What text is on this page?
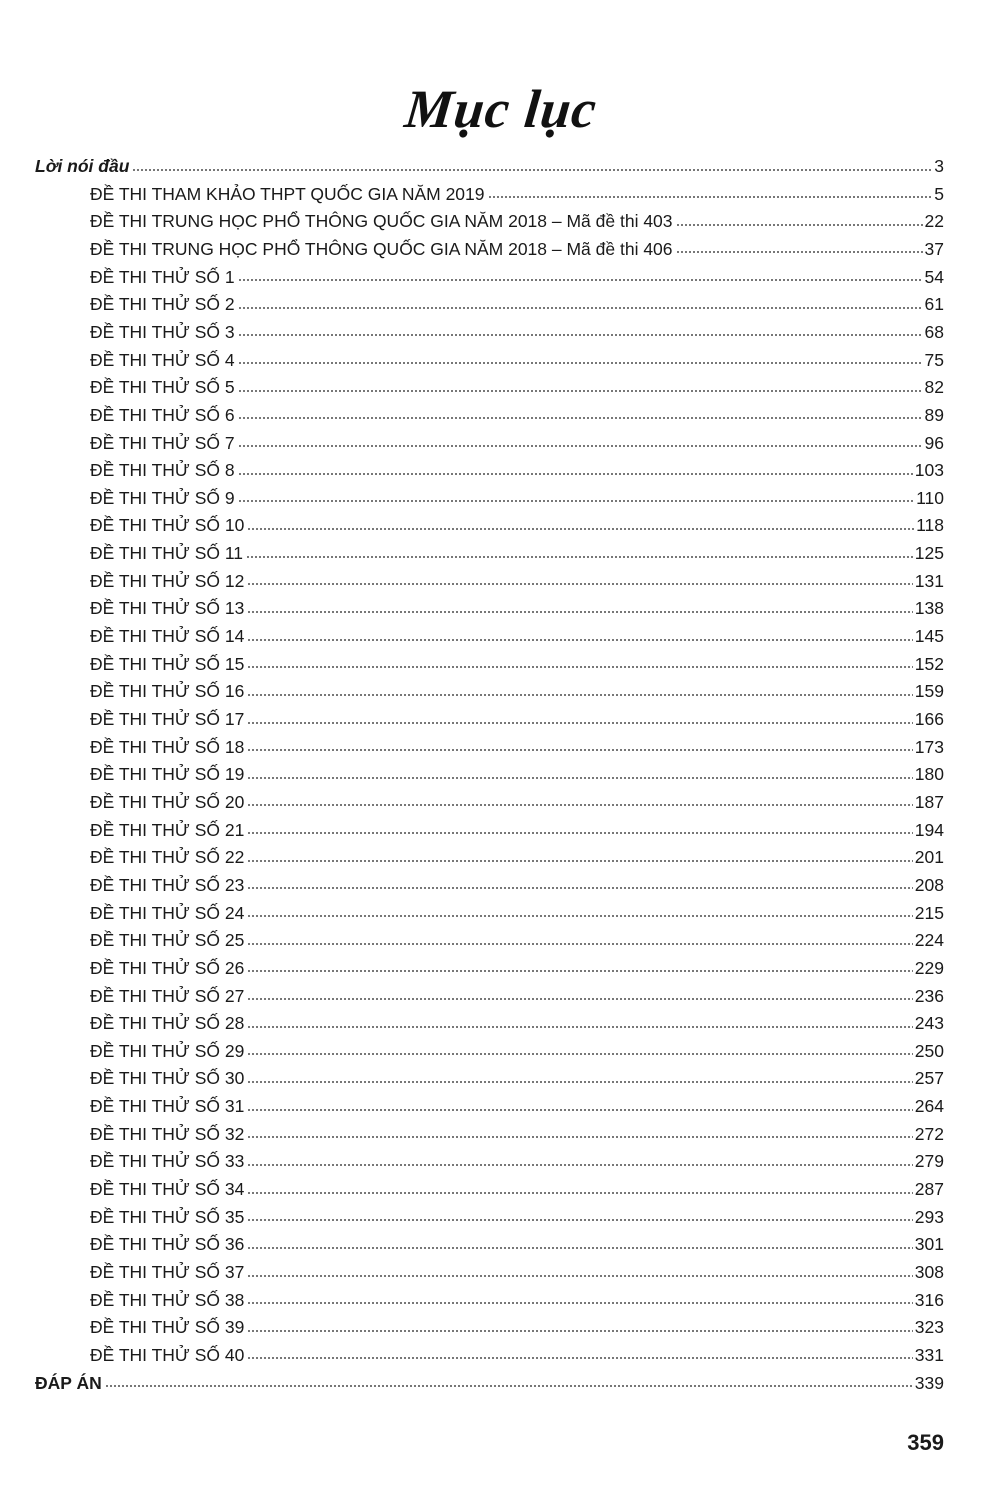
Mục lục
Lời nói đầu	3
ĐỀ THI THAM KHẢO THPT QUỐC GIA NĂM 2019	5
ĐỀ THI TRUNG HỌC PHỔ THÔNG QUỐC GIA NĂM 2018 – Mã đề thi 403	22
ĐỀ THI TRUNG HỌC PHỔ THÔNG QUỐC GIA NĂM 2018 – Mã đề thi 406	37
ĐỀ THI THỬ SỐ 1	54
ĐỀ THI THỬ SỐ 2	61
ĐỀ THI THỬ SỐ 3	68
ĐỀ THI THỬ SỐ 4	75
ĐỀ THI THỬ SỐ 5	82
ĐỀ THI THỬ SỐ 6	89
ĐỀ THI THỬ SỐ 7	96
ĐỀ THI THỬ SỐ 8	103
ĐỀ THI THỬ SỐ 9	110
ĐỀ THI THỬ SỐ 10	118
ĐỀ THI THỬ SỐ 11	125
ĐỀ THI THỬ SỐ 12	131
ĐỀ THI THỬ SỐ 13	138
ĐỀ THI THỬ SỐ 14	145
ĐỀ THI THỬ SỐ 15	152
ĐỀ THI THỬ SỐ 16	159
ĐỀ THI THỬ SỐ 17	166
ĐỀ THI THỬ SỐ 18	173
ĐỀ THI THỬ SỐ 19	180
ĐỀ THI THỬ SỐ 20	187
ĐỀ THI THỬ SỐ 21	194
ĐỀ THI THỬ SỐ 22	201
ĐỀ THI THỬ SỐ 23	208
ĐỀ THI THỬ SỐ 24	215
ĐỀ THI THỬ SỐ 25	224
ĐỀ THI THỬ SỐ 26	229
ĐỀ THI THỬ SỐ 27	236
ĐỀ THI THỬ SỐ 28	243
ĐỀ THI THỬ SỐ 29	250
ĐỀ THI THỬ SỐ 30	257
ĐỀ THI THỬ SỐ 31	264
ĐỀ THI THỬ SỐ 32	272
ĐỀ THI THỬ SỐ 33	279
ĐỀ THI THỬ SỐ 34	287
ĐỀ THI THỬ SỐ 35	293
ĐỀ THI THỬ SỐ 36	301
ĐỀ THI THỬ SỐ 37	308
ĐỀ THI THỬ SỐ 38	316
ĐỀ THI THỬ SỐ 39	323
ĐỀ THI THỬ SỐ 40	331
ĐÁP ÁN	339
359
